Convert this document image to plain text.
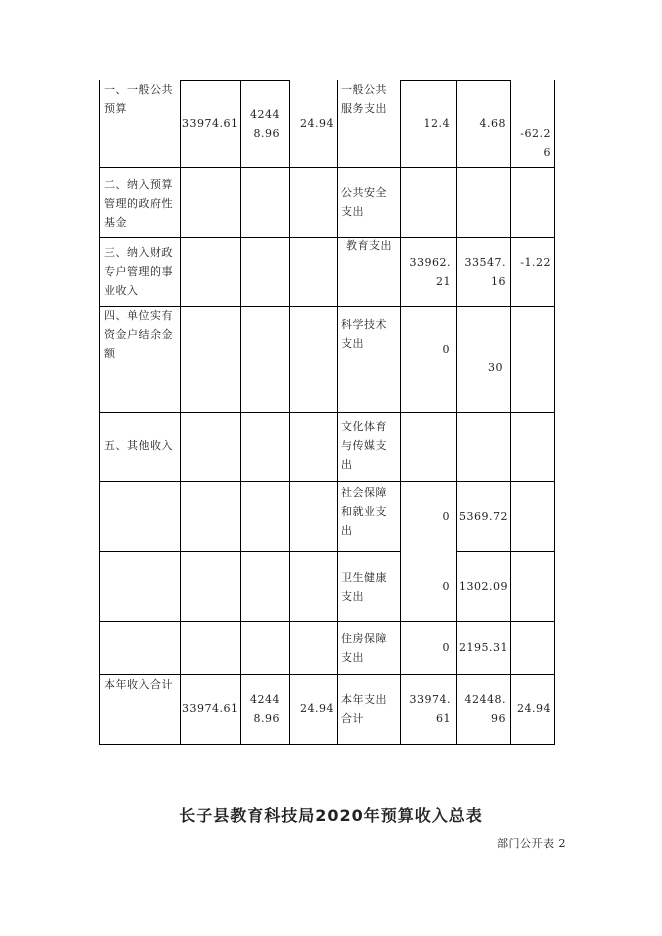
一、一般公共预算
33974.61
42448.96
24.94
一般公共服务支出
12.4	4.68
-62.26
二、纳入预算管理的政府性基金
公共安全支出
三、纳入财政专户管理的事业收入
教育支出
33962.21
33547.16
-1.22
四、单位实有资金户结余金额
科学技术支出	0
30
五、其他收入
文化体育与传媒支出
社会保障和就业支出
0 5369.72
卫生健康支出
0 1302.09
住房保障支出
0 2195.31
本年收入合计
33974.61
42448.96
24.94
本年支出合计
33974.61
42448.96
24.94
长子县教育科技局2020年预算收入总表
部门公开表 2
